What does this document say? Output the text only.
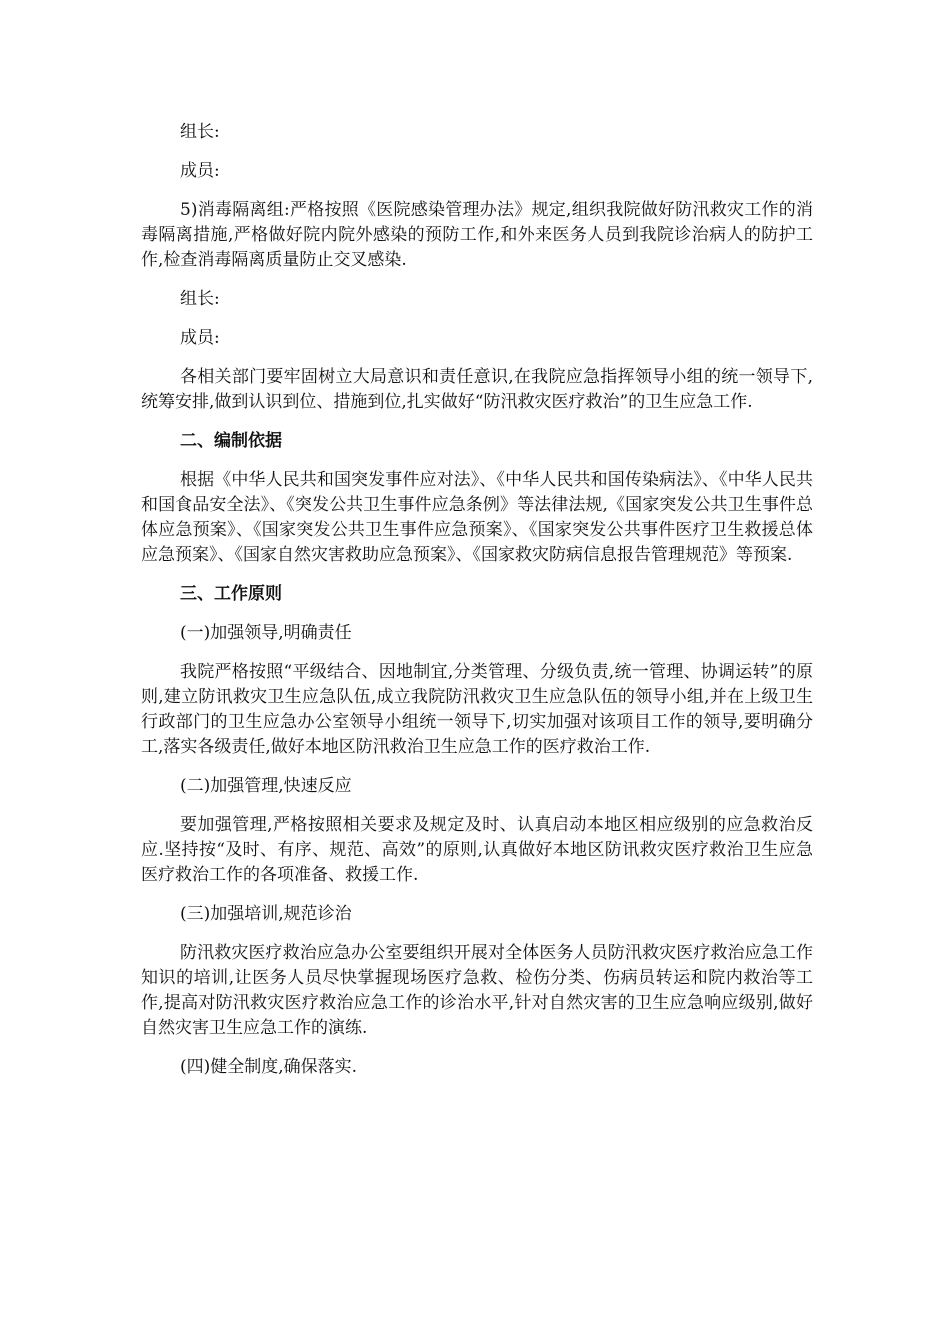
组长:

成员:

5)消毒隔离组:严格按照《医院感染管理办法》规定,组织我院做好防汛救灾工作的消毒隔离措施,严格做好院内院外感染的预防工作,和外来医务人员到我院诊治病人的防护工作,检查消毒隔离质量防止交叉感染.

组长:

成员:

各相关部门要牢固树立大局意识和责任意识,在我院应急指挥领导小组的统一领导下,统筹安排,做到认识到位、措施到位,扎实做好“防汛救灾医疗救治”的卫生应急工作.

二、编制依据

根据《中华人民共和国突发事件应对法》、《中华人民共和国传染病法》、《中华人民共和国食品安全法》、《突发公共卫生事件应急条例》等法律法规,《国家突发公共卫生事件总体应急预案》、《国家突发公共卫生事件应急预案》、《国家突发公共事件医疗卫生救援总体应急预案》、《国家自然灾害救助应急预案》、《国家救灾防病信息报告管理规范》等预案.

三、工作原则

(一)加强领导,明确责任

我院严格按照“平级结合、因地制宜,分类管理、分级负责,统一管理、协调运转”的原则,建立防讯救灾卫生应急队伍,成立我院防汛救灾卫生应急队伍的领导小组,并在上级卫生行政部门的卫生应急办公室领导小组统一领导下,切实加强对该项目工作的领导,要明确分工,落实各级责任,做好本地区防汛救治卫生应急工作的医疗救治工作.

(二)加强管理,快速反应

要加强管理,严格按照相关要求及规定及时、认真启动本地区相应级别的应急救治反应.坚持按“及时、有序、规范、高效”的原则,认真做好本地区防讯救灾医疗救治卫生应急医疗救治工作的各项准备、救援工作.

(三)加强培训,规范诊治

防汛救灾医疗救治应急办公室要组织开展对全体医务人员防汛救灾医疗救治应急工作知识的培训,让医务人员尽快掌握现场医疗急救、检伤分类、伤病员转运和院内救治等工作,提高对防汛救灾医疗救治应急工作的诊治水平,针对自然灾害的卫生应急响应级别,做好自然灾害卫生应急工作的演练.

(四)健全制度,确保落实.
